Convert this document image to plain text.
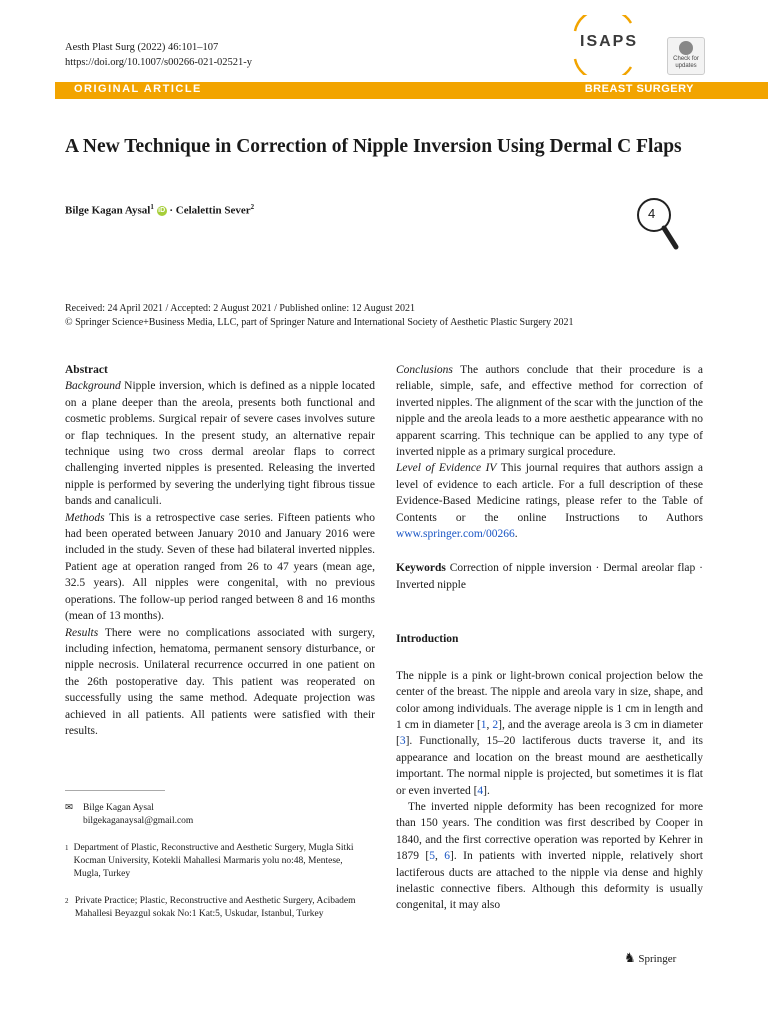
Aesth Plast Surg (2022) 46:101–107
https://doi.org/10.1007/s00266-021-02521-y
ISAPS
Check for updates
ORIGINAL ARTICLE	BREAST SURGERY
A New Technique in Correction of Nipple Inversion Using Dermal C Flaps
Bilge Kagan Aysal$^1$ iD · Celalettin Sever$^2$	4
Received: 24 April 2021 / Accepted: 2 August 2021 / Published online: 12 August 2021
© Springer Science+Business Media, LLC, part of Springer Nature and International Society of Aesthetic Plastic Surgery 2021

Abstract

Background Nipple inversion, which is defined as a nipple located on a plane deeper than the areola, presents both functional and cosmetic problems. Surgical repair of severe cases involves suture or flap techniques. In the present study, an alternative repair technique using two cross dermal areolar flaps to correct challenging inverted nipples is presented. Releasing the inverted nipple is performed by severing the underlying tight fibrous tissue bands and canaliculi.

Methods This is a retrospective case series. Fifteen patients who had been operated between January 2010 and January 2016 were included in the study. Seven of these had bilateral inverted nipples. Patient age at operation ranged from 26 to 47 years (mean age, 32.5 years). All nipples were congenital, with no previous operations. The follow-up period ranged between 8 and 16 months (mean of 13 months).

Results There were no complications associated with surgery, including infection, hematoma, permanent sensory disturbance, or nipple necrosis. Unilateral recurrence occurred in one patient on the 26th postoperative day. This patient was reoperated on successfully using the same method. Adequate projection was achieved in all patients. All patients were satisfied with their results.

✉	Bilge Kagan Aysal
bilgekaganaysal@gmail.com
1 Department of Plastic, Reconstructive and Aesthetic Surgery, Mugla Sitki Kocman University, Kotekli Mahallesi Marmaris yolu no:48, Mentese, Mugla, Turkey
2 Private Practice; Plastic, Reconstructive and Aesthetic Surgery, Acibadem Mahallesi Beyazgul sokak No:1 Kat:5, Uskudar, Istanbul, Turkey

Conclusions The authors conclude that their procedure is a reliable, simple, safe, and effective method for correction of inverted nipples. The alignment of the scar with the junction of the nipple and the areola leads to a more aesthetic appearance with no apparent scarring. This technique can be applied to any type of inverted nipple as a primary surgical procedure.

Level of Evidence IV This journal requires that authors assign a level of evidence to each article. For a full description of these Evidence-Based Medicine ratings, please refer to the Table of Contents or the online Instructions to Authors www.springer.com/00266.

Keywords Correction of nipple inversion · Dermal areolar flap · Inverted nipple

Introduction

The nipple is a pink or light-brown conical projection below the center of the breast. The nipple and areola vary in size, shape, and color among individuals. The average nipple is 1 cm in length and 1 cm in diameter [1, 2], and the average areola is 3 cm in diameter [3]. Functionally, 15–20 lactiferous ducts traverse it, and its appearance and location on the breast mound are aesthetically important. The normal nipple is projected, but sometimes it is flat or even inverted [4].

The inverted nipple deformity has been recognized for more than 150 years. The condition was first described by Cooper in 1840, and the first corrective operation was reported by Kehrer in 1879 [5, 6]. In patients with inverted nipple, relatively short lactiferous ducts are attached to the nipple via dense and highly inelastic connective fibers. Although this deformity is usually congenital, it may also

♞ Springer
